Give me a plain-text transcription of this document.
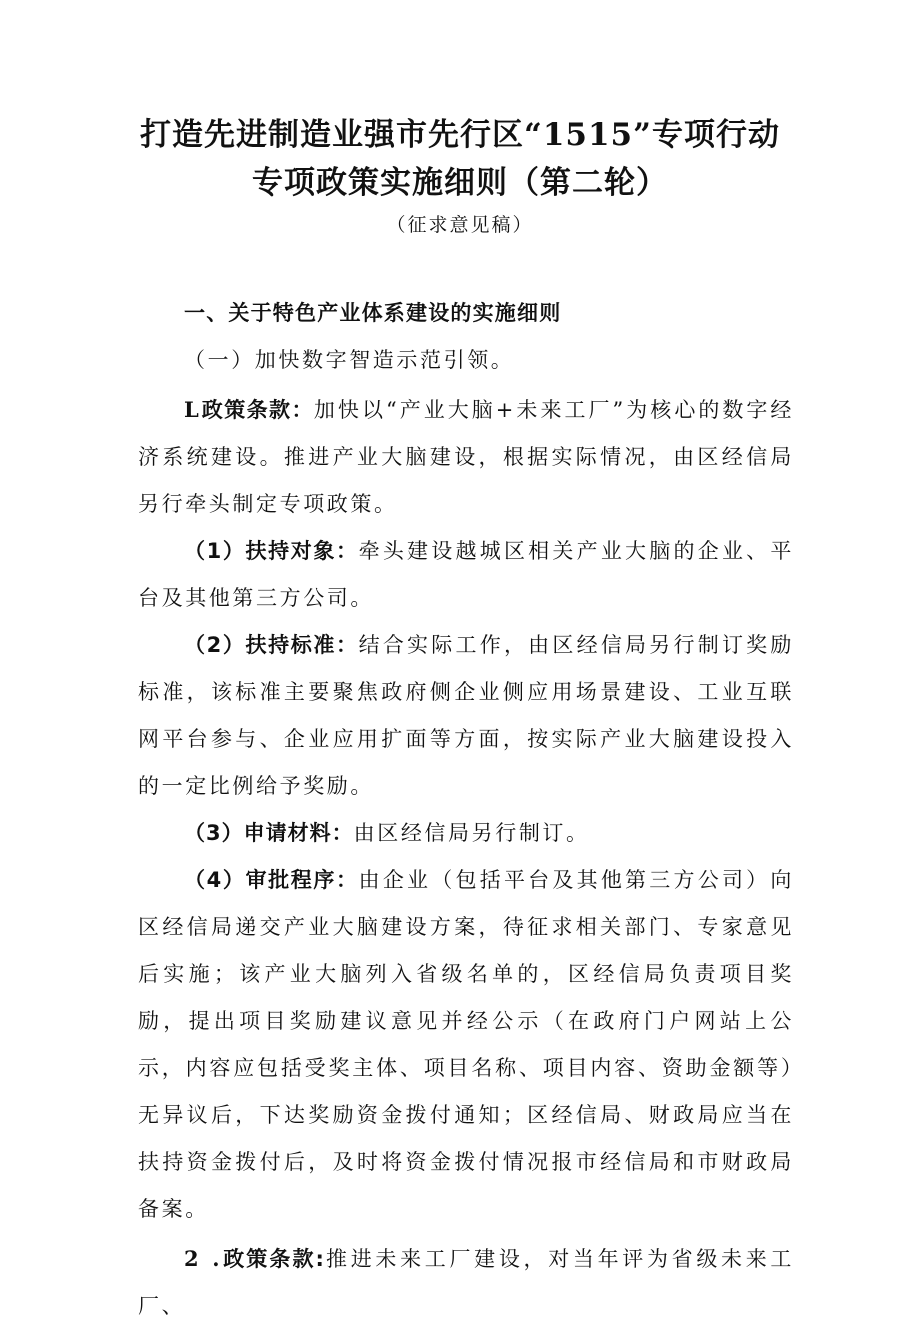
打造先进制造业强市先行区“1515”专项行动
专项政策实施细则（第二轮）
（征求意见稿）

一、关于特色产业体系建设的实施细则

（一）加快数字智造示范引领。

L政策条款：加快以“产业大脑+未来工厂”为核心的数字经济系统建设。推进产业大脑建设，根据实际情况，由区经信局另行牵头制定专项政策。

（1）扶持对象：牵头建设越城区相关产业大脑的企业、平台及其他第三方公司。

（2）扶持标准：结合实际工作，由区经信局另行制订奖励标准，该标准主要聚焦政府侧企业侧应用场景建设、工业互联网平台参与、企业应用扩面等方面，按实际产业大脑建设投入的一定比例给予奖励。

（3）申请材料：由区经信局另行制订。

（4）审批程序：由企业（包括平台及其他第三方公司）向区经信局递交产业大脑建设方案，待征求相关部门、专家意见后实施；该产业大脑列入省级名单的，区经信局负责项目奖励，提出项目奖励建议意见并经公示（在政府门户网站上公示，内容应包括受奖主体、项目名称、项目内容、资助金额等）无异议后，下达奖励资金拨付通知；区经信局、财政局应当在扶持资金拨付后，及时将资金拨付情况报市经信局和市财政局备案。

2 .政策条款:推进未来工厂建设，对当年评为省级未来工厂、
